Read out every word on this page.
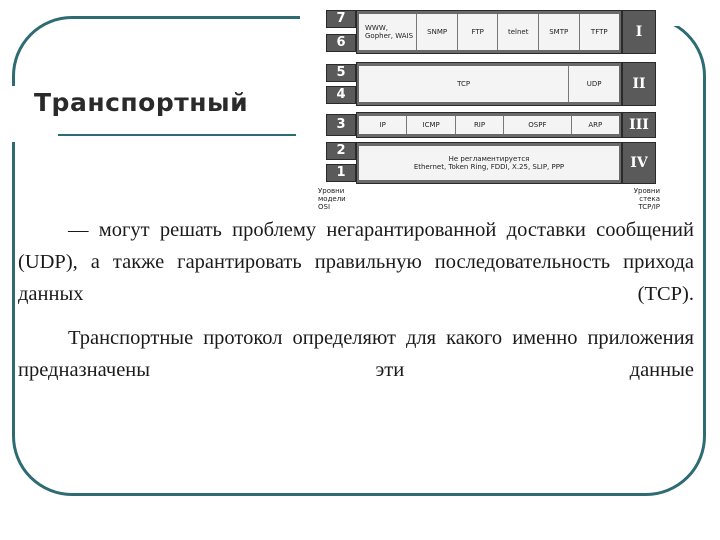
Транспортный
7
6
WWW, Gopher, WAIS	SNMP	FTP	telnet	SMTP	TFTP	I
5
4
TCP	UDP	II
3	IP	ICMP	RIP	OSPF	ARP	III
2
1
Не регламентируется
Ethernet, Token Ring, FDDI, X.25, SLIP, PPP	IV
Уровни модели OSI
Уровни стека TCP/IP

— могут решать проблему негарантированной доставки сообщений (UDP), а также гарантировать правильную последовательность прихода данных (TCP).

Транспортные протокол определяют для какого именно приложения предназначены эти данные
